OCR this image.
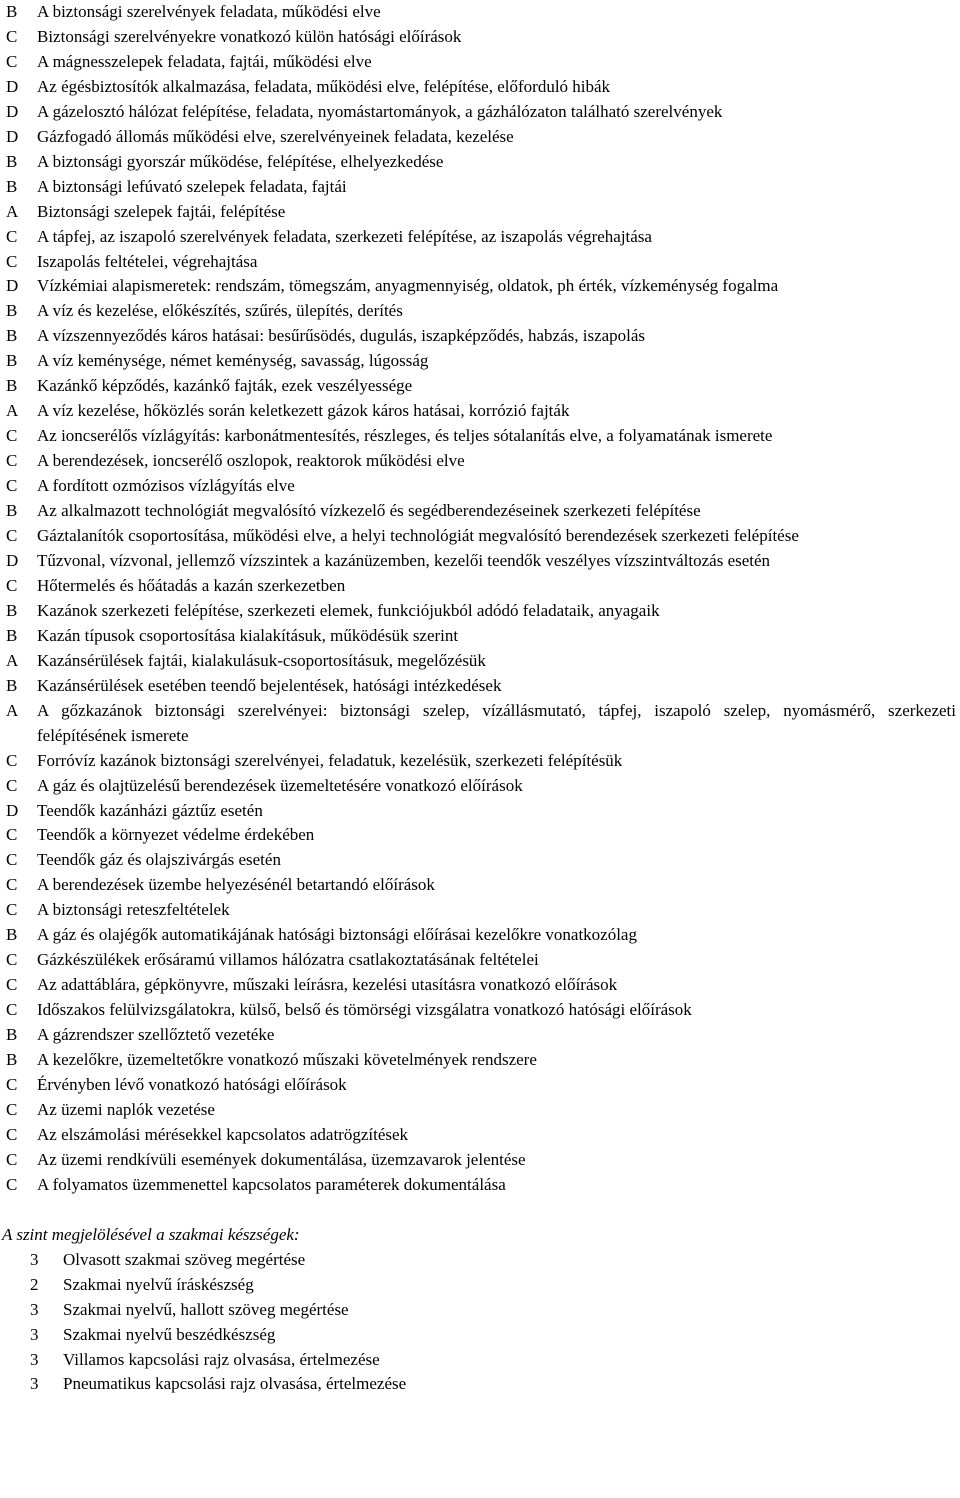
B	A biztonsági szerelvények feladata, működési elve
C	Biztonsági szerelvényekre vonatkozó külön hatósági előírások
C	A mágnesszelepek feladata, fajtái, működési elve
D	Az égésbiztosítók alkalmazása, feladata, működési elve, felépítése, előforduló hibák
D	A gázelosztó hálózat felépítése, feladata, nyomástartományok, a gázhálózaton található szerelvények
D	Gázfogadó állomás működési elve, szerelvényeinek feladata, kezelése
B	A biztonsági gyorszár működése, felépítése, elhelyezkedése
B	A biztonsági lefúvató szelepek feladata, fajtái
A	Biztonsági szelepek fajtái, felépítése
C	A tápfej, az iszapoló szerelvények feladata, szerkezeti felépítése, az iszapolás végrehajtása
C	Iszapolás feltételei, végrehajtása
D	Vízkémiai alapismeretek: rendszám, tömegszám, anyagmennyiség, oldatok, ph érték, vízkeménység fogalma
B	A víz és kezelése, előkészítés, szűrés, ülepítés, derítés
B	A vízszennyeződés káros hatásai: besűrűsödés, dugulás, iszapképződés, habzás, iszapolás
B	A víz keménysége, német keménység, savasság, lúgosság
B	Kazánkő képződés, kazánkő fajták, ezek veszélyessége
A	A víz kezelése, hőközlés során keletkezett gázok káros hatásai, korrózió fajták
C	Az ioncserélős vízlágyítás: karbonátmentesítés, részleges, és teljes sótalanítás elve, a folyamatának ismerete
C	A berendezések, ioncserélő oszlopok, reaktorok működési elve
C	A fordított ozmózisos vízlágyítás elve
B	Az alkalmazott technológiát megvalósító vízkezelő és segédberendezéseinek szerkezeti felépítése
C	Gáztalanítók csoportosítása, működési elve, a helyi technológiát megvalósító berendezések szerkezeti felépítése
D	Tűzvonal, vízvonal, jellemző vízszintek a kazánüzemben, kezelői teendők veszélyes vízszintváltozás esetén
C	Hőtermelés és hőátadás a kazán szerkezetben
B	Kazánok szerkezeti felépítése, szerkezeti elemek, funkciójukból adódó feladataik, anyagaik
B	Kazán típusok csoportosítása kialakításuk, működésük szerint
A	Kazánsérülések fajtái, kialakulásuk-csoportosításuk, megelőzésük
B	Kazánsérülések esetében teendő bejelentések, hatósági intézkedések
A	A gőzkazánok biztonsági szerelvényei: biztonsági szelep, vízállásmutató, tápfej, iszapoló szelep, nyomásmérő, szerkezeti felépítésének ismerete
C	Forróvíz kazánok biztonsági szerelvényei, feladatuk, kezelésük, szerkezeti felépítésük
C	A gáz és olajtüzelésű berendezések üzemeltetésére vonatkozó előírások
D	Teendők kazánházi gáztűz esetén
C	Teendők a környezet védelme érdekében
C	Teendők gáz és olajszivárgás esetén
C	A berendezések üzembe helyezésénél betartandó előírások
C	A biztonsági reteszfeltételek
B	A gáz és olajégők automatikájának hatósági biztonsági előírásai kezelőkre vonatkozólag
C	Gázkészülékek erősáramú villamos hálózatra csatlakoztatásának feltételei
C	Az adattáblára, gépkönyvre, műszaki leírásra, kezelési utasításra vonatkozó előírások
C	Időszakos felülvizsgálatokra, külső, belső és tömörségi vizsgálatra vonatkozó hatósági előírások
B	A gázrendszer szellőztető vezetéke
B	A kezelőkre, üzemeltetőkre vonatkozó műszaki követelmények rendszere
C	Érvényben lévő vonatkozó hatósági előírások
C	Az üzemi naplók vezetése
C	Az elszámolási mérésekkel kapcsolatos adatrögzítések
C	Az üzemi rendkívüli események dokumentálása, üzemzavarok jelentése
C	A folyamatos üzemmenettel kapcsolatos paraméterek dokumentálása
A szint megjelölésével a szakmai készségek:
3	Olvasott szakmai szöveg megértése
2	Szakmai nyelvű íráskészség
3	Szakmai nyelvű, hallott szöveg megértése
3	Szakmai nyelvű beszédkészség
3	Villamos kapcsolási rajz olvasása, értelmezése
3	Pneumatikus kapcsolási rajz olvasása, értelmezése
